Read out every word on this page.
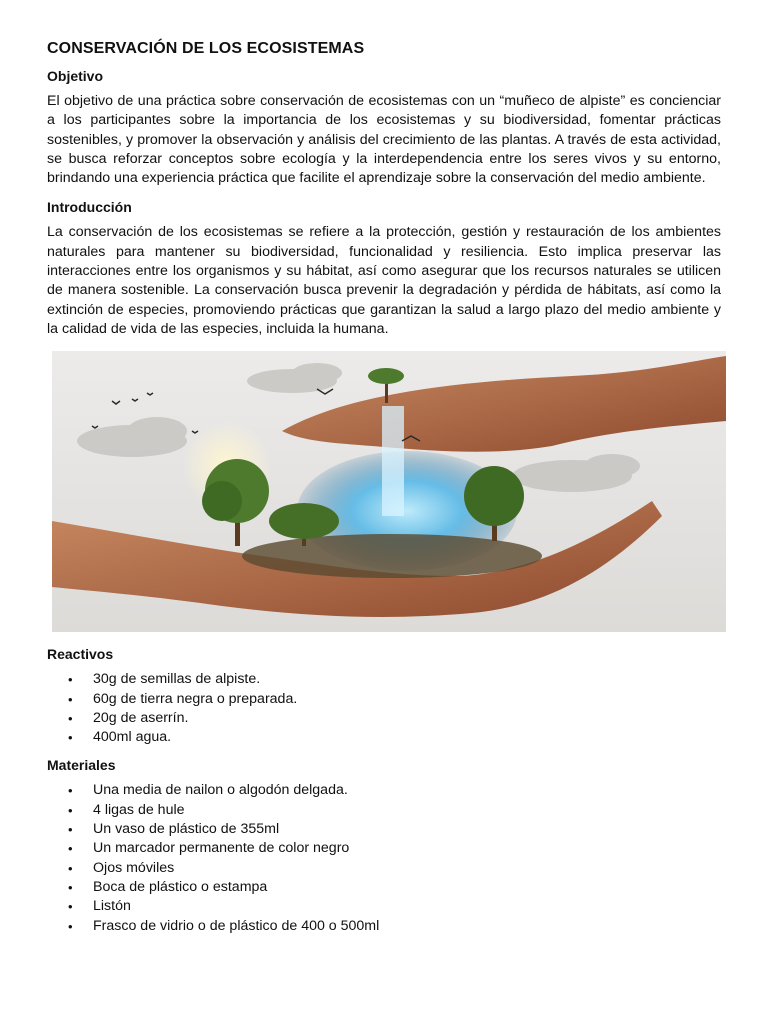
CONSERVACIÓN DE LOS ECOSISTEMAS
Objetivo

El objetivo de una práctica sobre conservación de ecosistemas con un “muñeco de alpiste” es concienciar a los participantes sobre la importancia de los ecosistemas y su biodiversidad, fomentar prácticas sostenibles, y promover la observación y análisis del crecimiento de las plantas. A través de esta actividad, se busca reforzar conceptos sobre ecología y la interdependencia entre los seres vivos y su entorno, brindando una experiencia práctica que facilite el aprendizaje sobre la conservación del medio ambiente.

Introducción

La conservación de los ecosistemas se refiere a la protección, gestión y restauración de los ambientes naturales para mantener su biodiversidad, funcionalidad y resiliencia. Esto implica preservar las interacciones entre los organismos y su hábitat, así como asegurar que los recursos naturales se utilicen de manera sostenible. La conservación busca prevenir la degradación y pérdida de hábitats, así como la extinción de especies, promoviendo prácticas que garantizan la salud a largo plazo del medio ambiente y la calidad de vida de las especies, incluida la humana.

Reactivos
• 30g de semillas de alpiste.
• 60g de tierra negra o preparada.
• 20g de aserrín.
• 400ml agua.
Materiales
• Una media de nailon o algodón delgada.
• 4 ligas de hule
• Un vaso de plástico de 355ml
• Un marcador permanente de color negro
• Ojos móviles
• Boca de plástico o estampa
• Listón
• Frasco de vidrio o de plástico de 400 o 500ml
